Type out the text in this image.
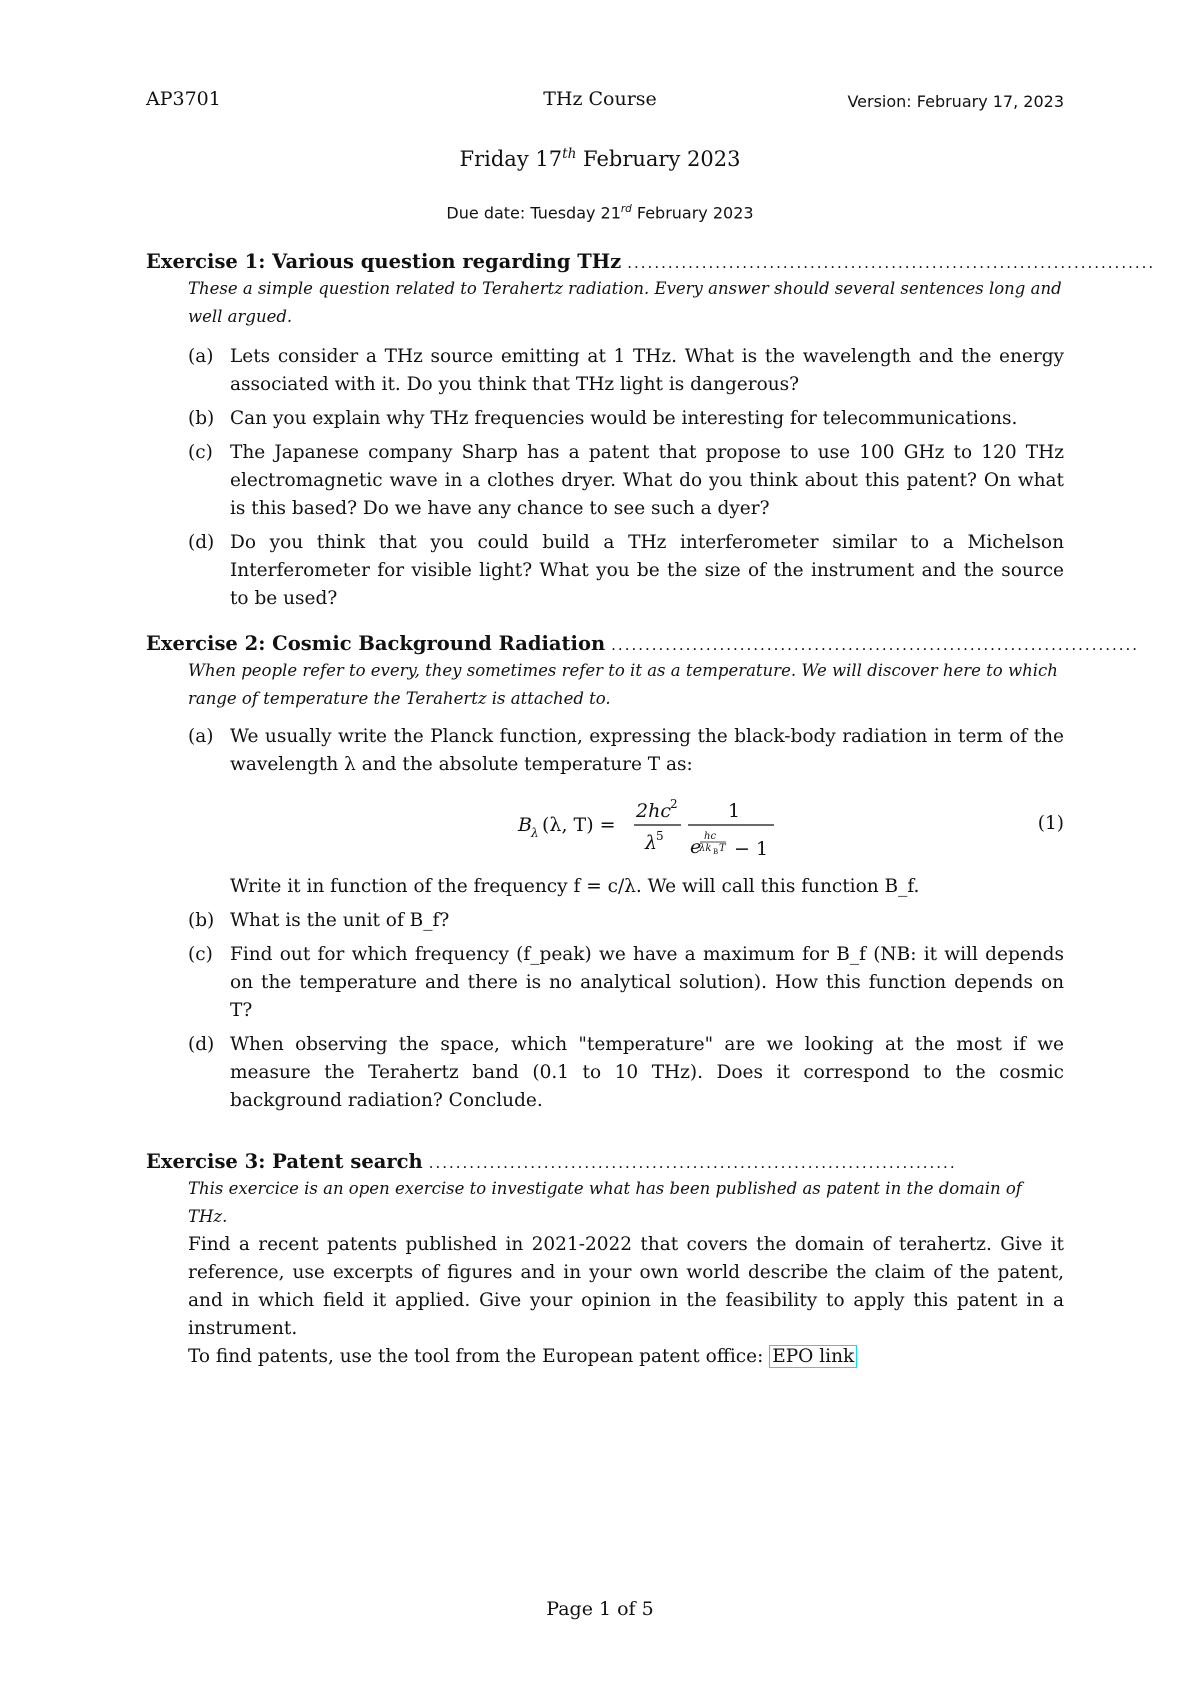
AP3701	THz Course	Version: February 17, 2023
Friday 17th February 2023
Due date: Tuesday 21rd February 2023
Exercise 1: Various question regarding THz ..............................................................................
These a simple question related to Terahertz radiation. Every answer should several sentences long and well argued.
(a) Lets consider a THz source emitting at 1 THz. What is the wavelength and the energy associated with it. Do you think that THz light is dangerous?
(b) Can you explain why THz frequencies would be interesting for telecommunications.
(c) The Japanese company Sharp has a patent that propose to use 100 GHz to 120 THz electromagnetic wave in a clothes dryer. What do you think about this patent? On what is this based? Do we have any chance to see such a dyer?
(d) Do you think that you could build a THz interferometer similar to a Michelson Interferometer for visible light? What you be the size of the instrument and the source to be used?
Exercise 2: Cosmic Background Radiation ..............................................................................
When people refer to every, they sometimes refer to it as a temperature. We will discover here to which range of temperature the Terahertz is attached to.
(a) We usually write the Planck function, expressing the black-body radiation in term of the wavelength λ and the absolute temperature T as:
B λ (λ, T) =
2hc 2
λ
5
1
e hc
λk B T − 1
(1)
Write it in function of the frequency f = c/λ. We will call this function B_f.
(b) What is the unit of B_f?
(c) Find out for which frequency (f_peak) we have a maximum for B_f (NB: it will depends on the temperature and there is no analytical solution). How this function depends on T?
(d) When observing the space, which "temperature" are we looking at the most if we measure the Terahertz band (0.1 to 10 THz). Does it correspond to the cosmic background radiation? Conclude.
Exercise 3: Patent search ..............................................................................
This exercice is an open exercise to investigate what has been published as patent in the domain of THz.
Find a recent patents published in 2021-2022 that covers the domain of terahertz. Give it reference, use excerpts of figures and in your own world describe the claim of the patent, and in which field it applied. Give your opinion in the feasibility to apply this patent in a instrument.
To find patents, use the tool from the European patent office: EPO link
Page 1 of 5
